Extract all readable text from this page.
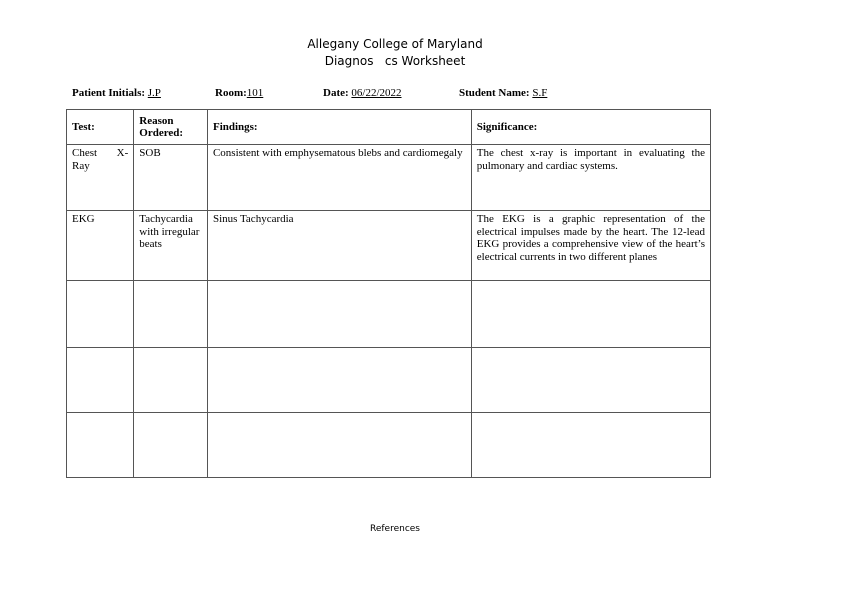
Allegany College of Maryland
Diagnos   cs Worksheet
Patient Initials: J.P	Room:101	Date: 06/22/2022	Student Name: S.F
Test:	Reason Ordered:	Findings:	Significance:
Chest X-Ray	SOB	Consistent with emphysematous blebs and cardiomegaly	The chest x-ray is important in evaluating the pulmonary and cardiac systems.
EKG	Tachycardia with irregular beats	Sinus Tachycardia	The EKG is a graphic representation of the electrical impulses made by the heart. The 12-lead EKG provides a comprehensive view of the heart’s electrical currents in two different planes

References
